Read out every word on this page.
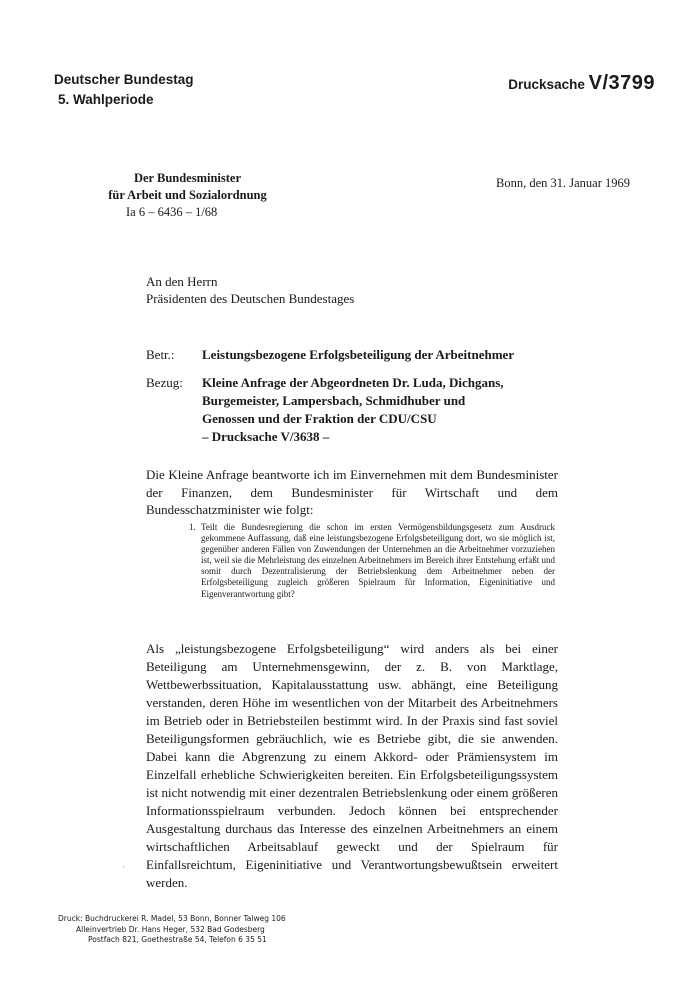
Deutscher Bundestag
5. Wahlperiode
Drucksache V/3799
Der Bundesminister
für Arbeit und Sozialordnung
Ia 6 – 6436 – 1/68
Bonn, den 31. Januar 1969
An den Herrn
Präsidenten des Deutschen Bundestages
Betr.: Leistungsbezogene Erfolgsbeteiligung der Arbeitnehmer
Bezug: Kleine Anfrage der Abgeordneten Dr. Luda, Dichgans,
Burgemeister, Lampersbach, Schmidhuber und
Genossen und der Fraktion der CDU/CSU
– Drucksache V/3638 –
Die Kleine Anfrage beantworte ich im Einvernehmen mit dem Bundesminister der Finanzen, dem Bundesminister für Wirtschaft und dem Bundesschatzminister wie folgt:
1. Teilt die Bundesregierung die schon im ersten Vermögensbildungsgesetz zum Ausdruck gekommene Auffassung, daß eine leistungsbezogene Erfolgsbeteiligung dort, wo sie möglich ist, gegenüber anderen Fällen von Zuwendungen der Unternehmen an die Arbeitnehmer vorzuziehen ist, weil sie die Mehrleistung des einzelnen Arbeitnehmers im Bereich ihrer Entstehung erfaßt und somit durch Dezentralisierung der Betriebslenkung dem Arbeitnehmer neben der Erfolgsbeteiligung zugleich größeren Spielraum für Information, Eigeninitiative und Eigenverantwortung gibt?
Als „leistungsbezogene Erfolgsbeteiligung“ wird anders als bei einer Beteiligung am Unternehmensgewinn, der z. B. von Marktlage, Wettbewerbssituation, Kapitalausstattung usw. abhängt, eine Beteiligung verstanden, deren Höhe im wesentlichen von der Mitarbeit des Arbeitnehmers im Betrieb oder in Betriebsteilen bestimmt wird. In der Praxis sind fast soviel Beteiligungsformen gebräuchlich, wie es Betriebe gibt, die sie anwenden. Dabei kann die Abgrenzung zu einem Akkord- oder Prämiensystem im Einzelfall erhebliche Schwierigkeiten bereiten. Ein Erfolgsbeteiligungssystem ist nicht notwendig mit einer dezentralen Betriebslenkung oder einem größeren Informationsspielraum verbunden. Jedoch können bei entsprechender Ausgestaltung durchaus das Interesse des einzelnen Arbeitnehmers an einem wirtschaftlichen Arbeitsablauf geweckt und der Spielraum für Einfallsreichtum, Eigeninitiative und Verantwortungsbewußtsein erweitert werden.
·
Druck: Buchdruckerei R. Madel, 53 Bonn, Bonner Talweg 106
Alleinvertrieb Dr. Hans Heger, 532 Bad Godesberg
Postfach 821, Goethestraße 54, Telefon 6 35 51
